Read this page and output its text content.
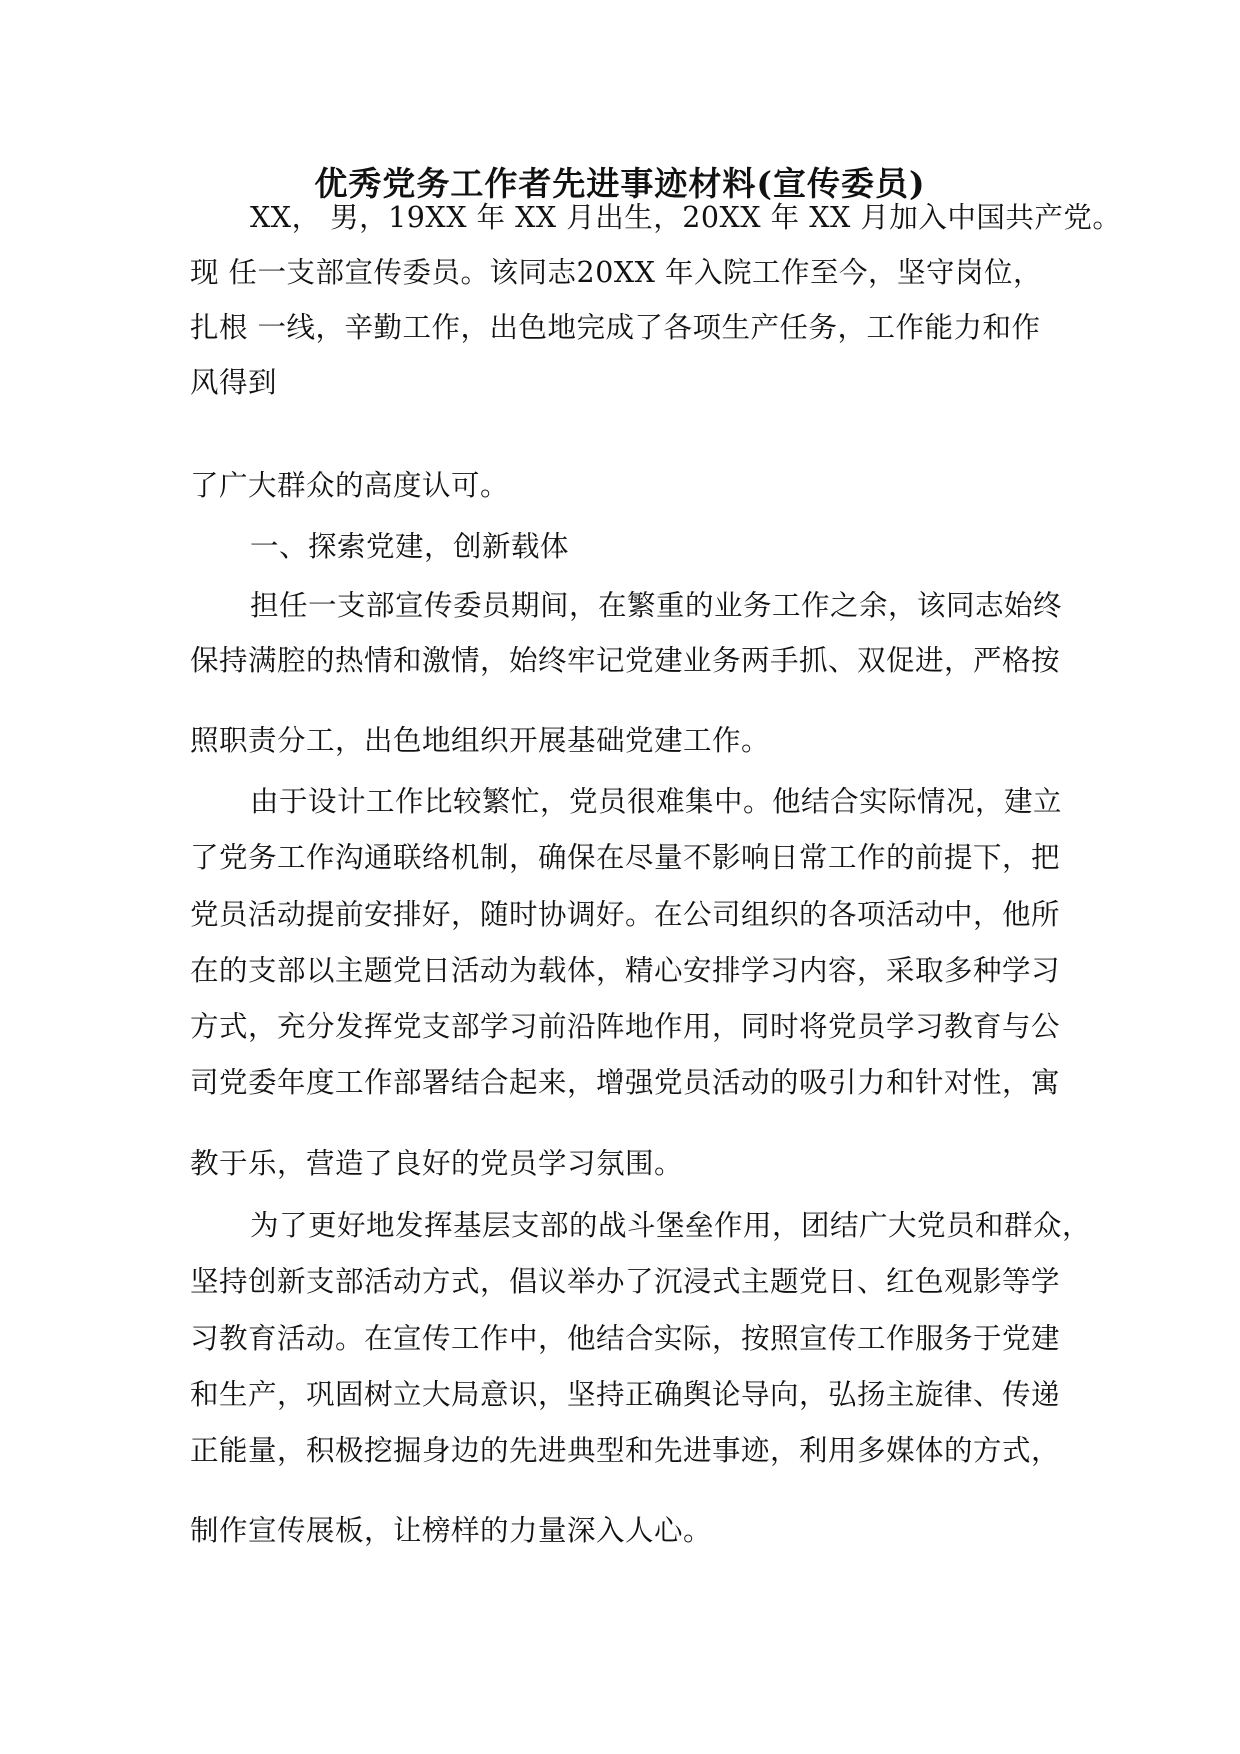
优秀党务工作者先进事迹材料(宣传委员)
XX， 男，19XX 年 XX 月出生，20XX 年 XX 月加入中国共产党。
现 任一支部宣传委员。该同志20XX 年入院工作至今，坚守岗位，
扎根 一线，辛勤工作，出色地完成了各项生产任务，工作能力和作
风得到
了广大群众的高度认可。
一、探索党建，创新载体
担任一支部宣传委员期间，在繁重的业务工作之余，该同志始终
保持满腔的热情和激情，始终牢记党建业务两手抓、双促进，严格按
照职责分工，出色地组织开展基础党建工作。
由于设计工作比较繁忙，党员很难集中。他结合实际情况，建立
了党务工作沟通联络机制，确保在尽量不影响日常工作的前提下，把
党员活动提前安排好，随时协调好。在公司组织的各项活动中，他所
在的支部以主题党日活动为载体，精心安排学习内容，采取多种学习
方式，充分发挥党支部学习前沿阵地作用，同时将党员学习教育与公
司党委年度工作部署结合起来，增强党员活动的吸引力和针对性，寓
教于乐，营造了良好的党员学习氛围。
为了更好地发挥基层支部的战斗堡垒作用，团结广大党员和群众，
坚持创新支部活动方式，倡议举办了沉浸式主题党日、红色观影等学
习教育活动。在宣传工作中，他结合实际，按照宣传工作服务于党建
和生产，巩固树立大局意识，坚持正确舆论导向，弘扬主旋律、传递
正能量，积极挖掘身边的先进典型和先进事迹，利用多媒体的方式，
制作宣传展板，让榜样的力量深入人心。
